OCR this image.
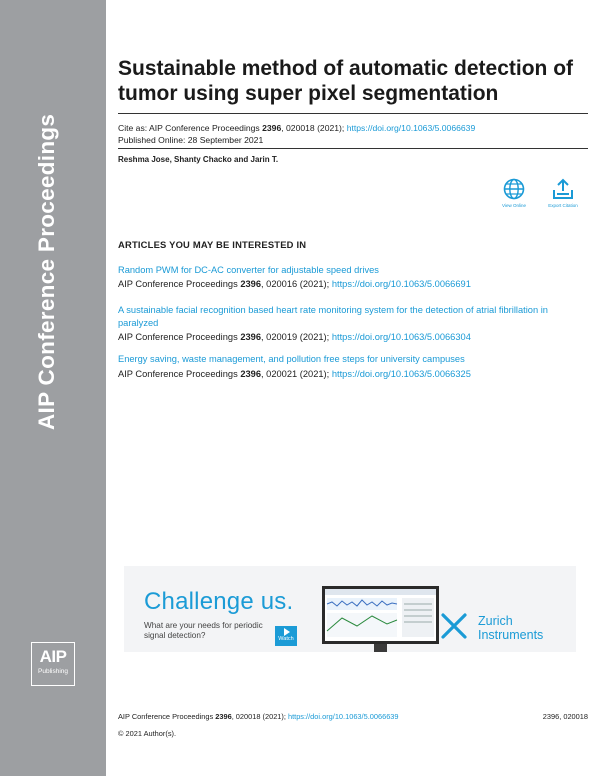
AIP Conference Proceedings
AIP
Publishing
Sustainable method of automatic detection of tumor using super pixel segmentation
Cite as: AIP Conference Proceedings 2396, 020018 (2021); https://doi.org/10.1063/5.0066639
Published Online: 28 September 2021
Reshma Jose, Shanty Chacko and Jarin T.
View Online	Export Citation
ARTICLES YOU MAY BE INTERESTED IN
Random PWM for DC-AC converter for adjustable speed drives
AIP Conference Proceedings 2396, 020016 (2021); https://doi.org/10.1063/5.0066691
A sustainable facial recognition based heart rate monitoring system for the detection of atrial fibrillation in paralyzed
AIP Conference Proceedings 2396, 020019 (2021); https://doi.org/10.1063/5.0066304
Energy saving, waste management, and pollution free steps for university campuses
AIP Conference Proceedings 2396, 020021 (2021); https://doi.org/10.1063/5.0066325
Challenge us.
What are your needs for periodic signal detection?	Watch
Zurich
Instruments
AIP Conference Proceedings 2396, 020018 (2021); https://doi.org/10.1063/5.0066639	2396, 020018
© 2021 Author(s).
